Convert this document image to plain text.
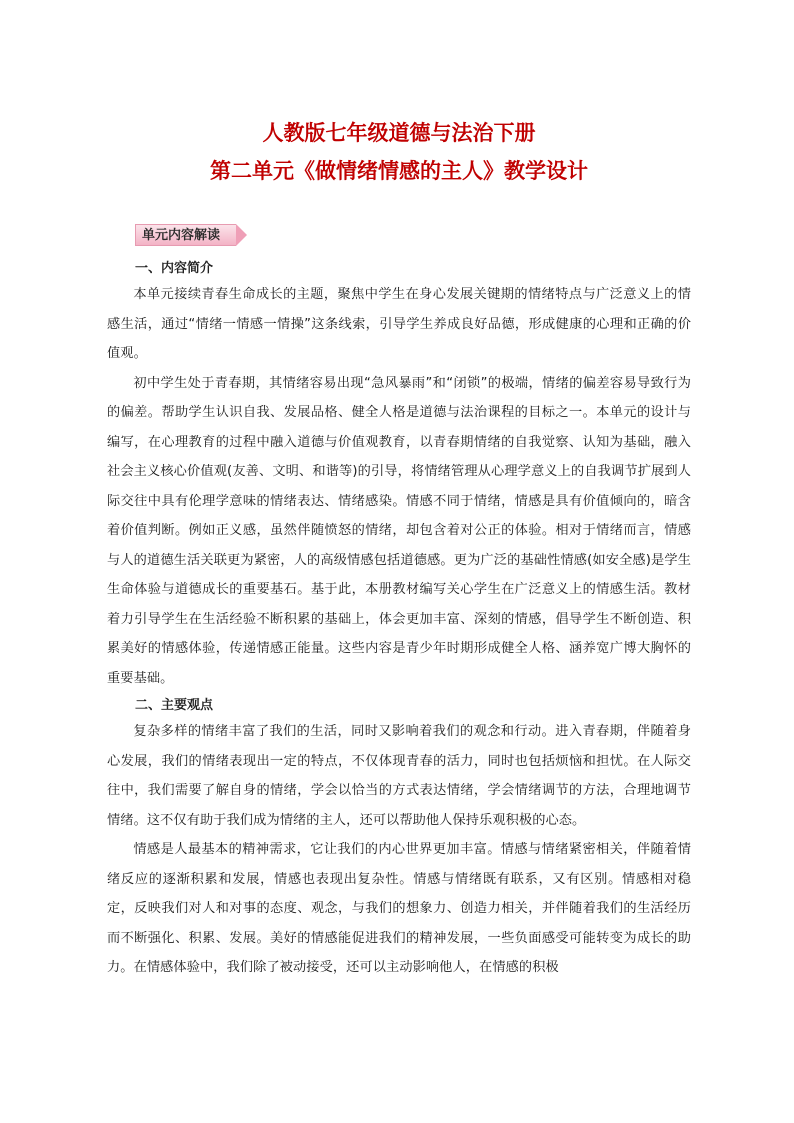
人教版七年级道德与法治下册
第二单元《做情绪情感的主人》教学设计
单元内容解读
一、内容简介

本单元接续青春生命成长的主题，聚焦中学生在身心发展关键期的情绪特点与广泛意义上的情感生活，通过“情绪一情感一情操”这条线索，引导学生养成良好品德，形成健康的心理和正确的价值观。

初中学生处于青春期，其情绪容易出现“急风暴雨”和“闭锁”的极端，情绪的偏差容易导致行为的偏差。帮助学生认识自我、发展品格、健全人格是道德与法治课程的目标之一。本单元的设计与编写，在心理教育的过程中融入道德与价值观教育，以青春期情绪的自我觉察、认知为基础，融入社会主义核心价值观(友善、文明、和谐等)的引导，将情绪管理从心理学意义上的自我调节扩展到人际交往中具有伦理学意味的情绪表达、情绪感染。情感不同于情绪，情感是具有价值倾向的，暗含着价值判断。例如正义感，虽然伴随愤怒的情绪，却包含着对公正的体验。相对于情绪而言，情感与人的道德生活关联更为紧密，人的高级情感包括道德感。更为广泛的基础性情感(如安全感)是学生生命体验与道德成长的重要基石。基于此，本册教材编写关心学生在广泛意义上的情感生活。教材着力引导学生在生活经验不断积累的基础上，体会更加丰富、深刻的情感，倡导学生不断创造、积累美好的情感体验，传递情感正能量。这些内容是青少年时期形成健全人格、涵养宽广博大胸怀的重要基础。

二、主要观点

复杂多样的情绪丰富了我们的生活，同时又影响着我们的观念和行动。进入青春期，伴随着身心发展，我们的情绪表现出一定的特点，不仅体现青春的活力，同时也包括烦恼和担忧。在人际交往中，我们需要了解自身的情绪，学会以恰当的方式表达情绪，学会情绪调节的方法，合理地调节情绪。这不仅有助于我们成为情绪的主人，还可以帮助他人保持乐观积极的心态。

情感是人最基本的精神需求，它让我们的内心世界更加丰富。情感与情绪紧密相关，伴随着情绪反应的逐渐积累和发展，情感也表现出复杂性。情感与情绪既有联系，又有区别。情感相对稳定，反映我们对人和对事的态度、观念，与我们的想象力、创造力相关，并伴随着我们的生活经历而不断强化、积累、发展。美好的情感能促进我们的精神发展，一些负面感受可能转变为成长的助力。在情感体验中，我们除了被动接受，还可以主动影响他人，在情感的积极
